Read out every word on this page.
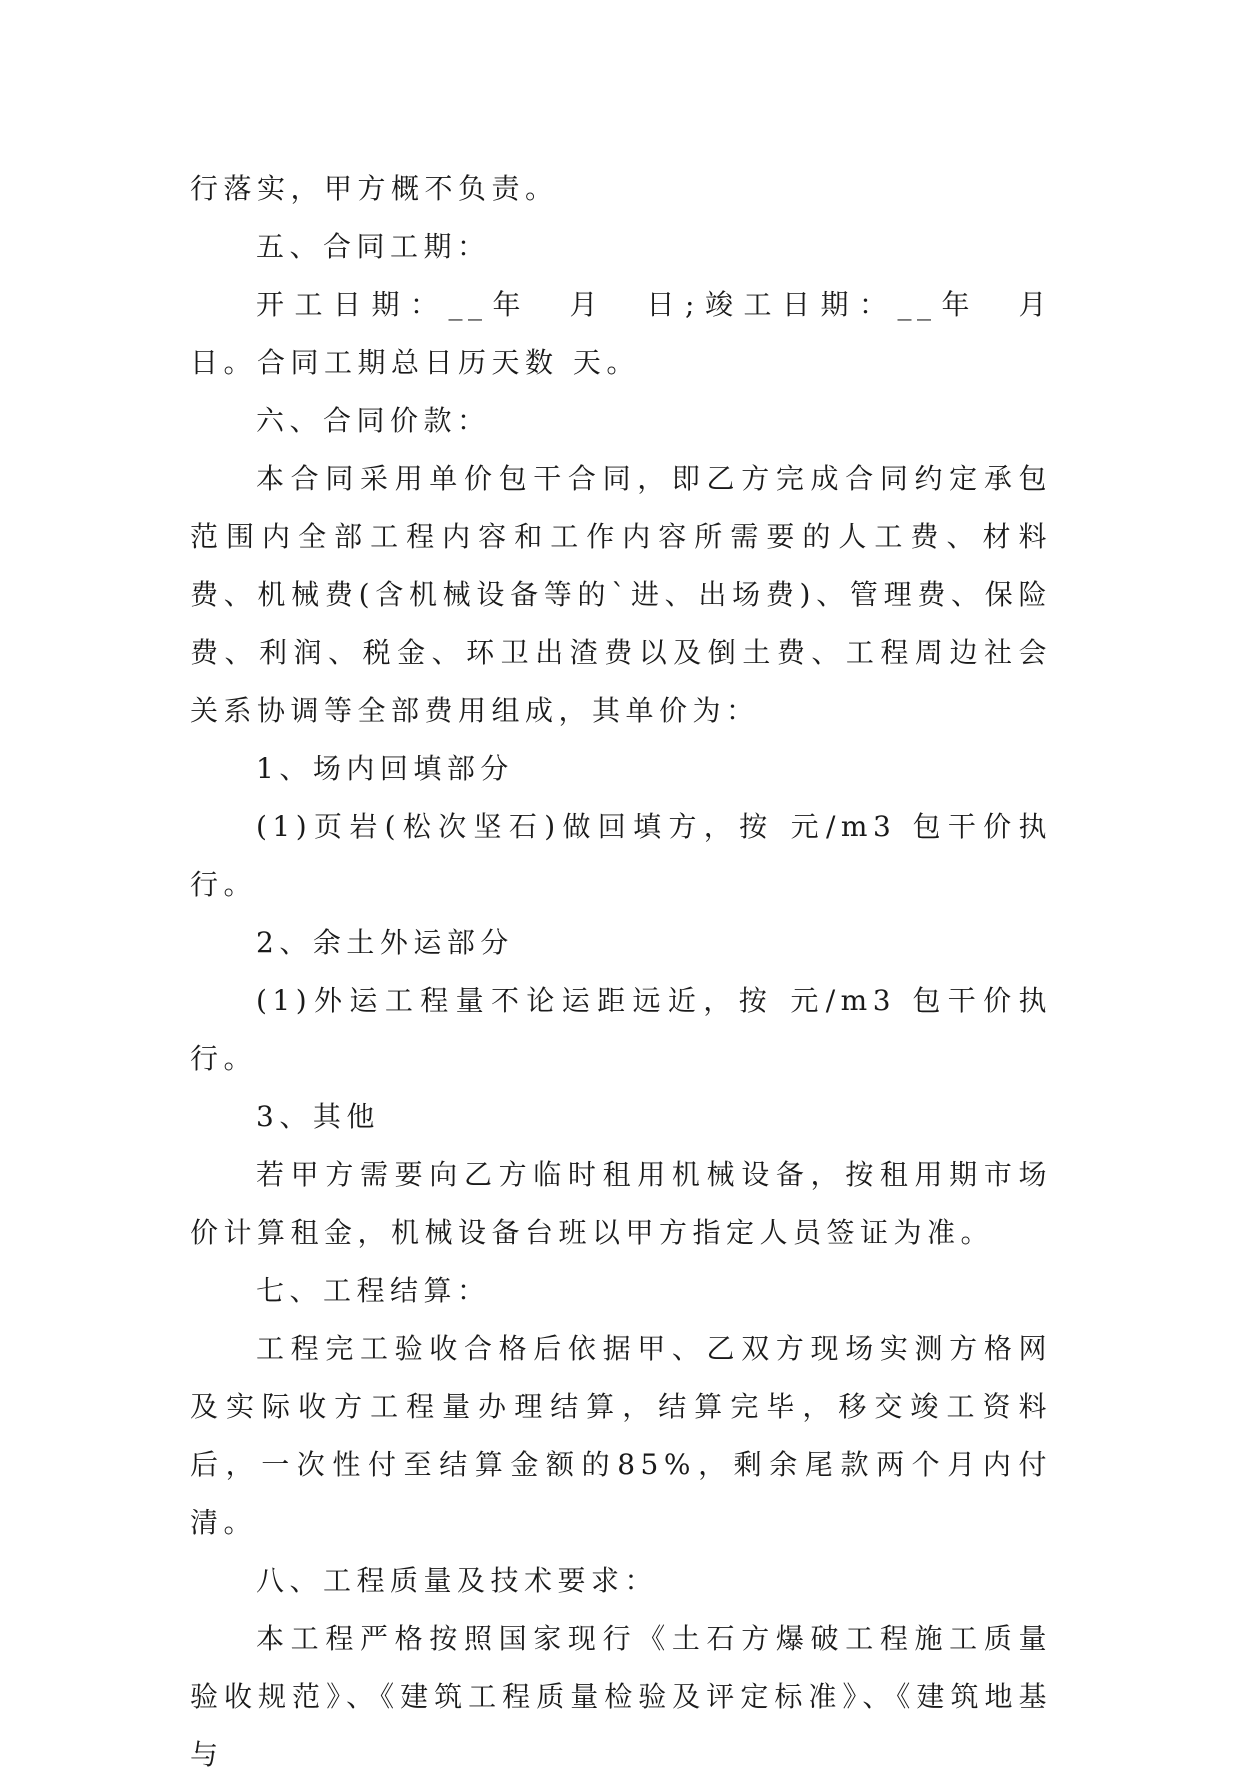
行落实，甲方概不负责。

五、合同工期：

开工日期：__年　月　日;竣工日期：__年　月　日。合同工期总日历天数 天。

六、合同价款：

本合同采用单价包干合同，即乙方完成合同约定承包范围内全部工程内容和工作内容所需要的人工费、材料费、机械费(含机械设备等的`进、出场费)、管理费、保险费、利润、税金、环卫出渣费以及倒土费、工程周边社会关系协调等全部费用组成，其单价为：

1、场内回填部分

(1)页岩(松次坚石)做回填方，按 元/m3 包干价执行。

2、余土外运部分

(1)外运工程量不论运距远近，按 元/m3 包干价执行。

3、其他

若甲方需要向乙方临时租用机械设备，按租用期市场价计算租金，机械设备台班以甲方指定人员签证为准。

七、工程结算：

工程完工验收合格后依据甲、乙双方现场实测方格网及实际收方工程量办理结算，结算完毕，移交竣工资料后，一次性付至结算金额的85%，剩余尾款两个月内付清。

八、工程质量及技术要求：

本工程严格按照国家现行《土石方爆破工程施工质量验收规范》、《建筑工程质量检验及评定标准》、《建筑地基与
